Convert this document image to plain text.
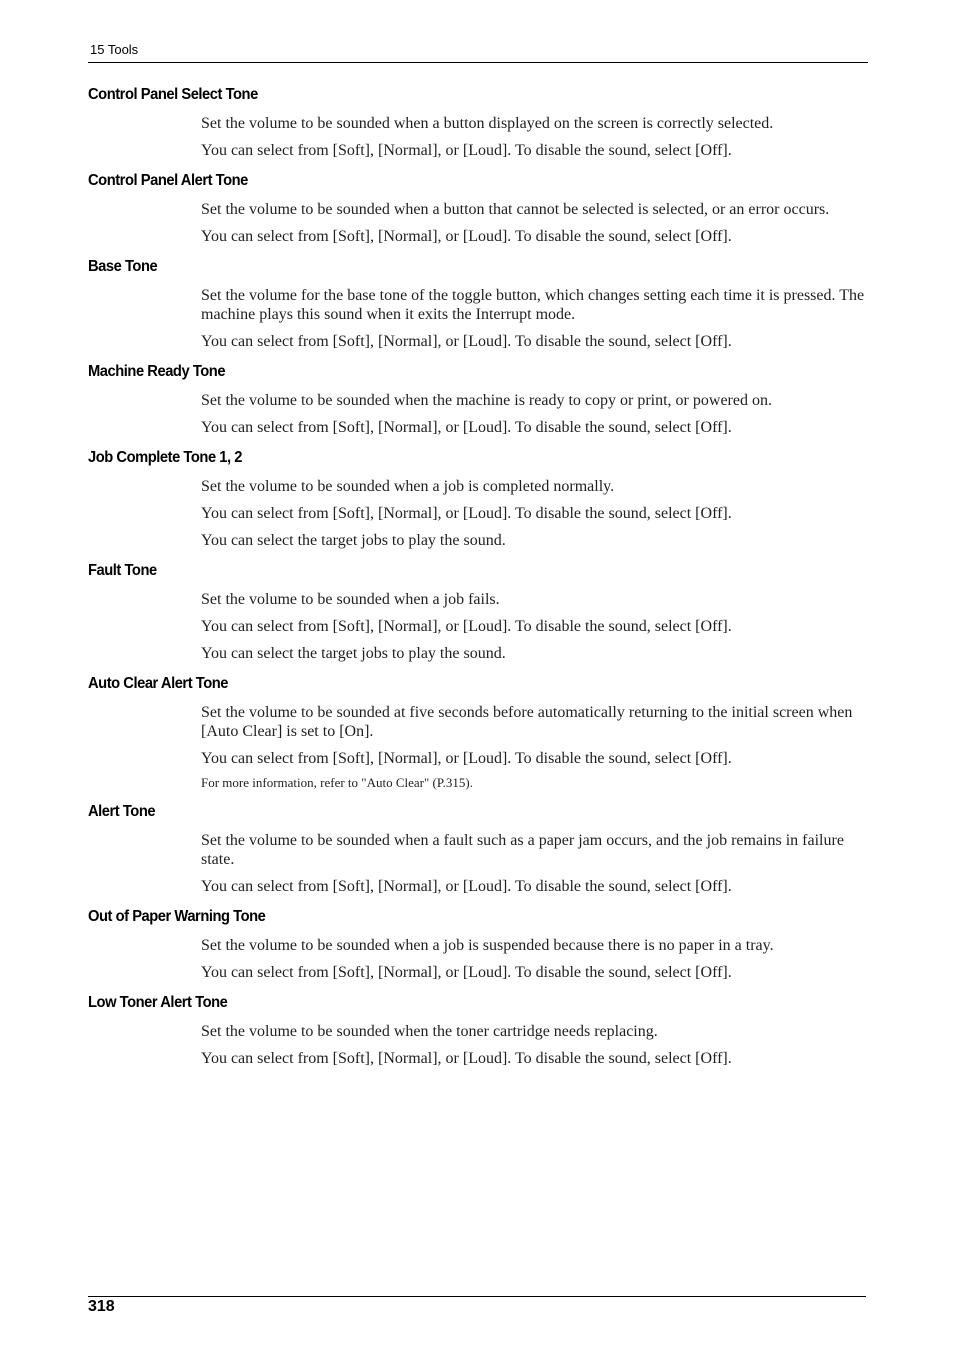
15 Tools
Control Panel Select Tone

Set the volume to be sounded when a button displayed on the screen is correctly selected.

You can select from [Soft], [Normal], or [Loud]. To disable the sound, select [Off].

Control Panel Alert Tone

Set the volume to be sounded when a button that cannot be selected is selected, or an error occurs.

You can select from [Soft], [Normal], or [Loud]. To disable the sound, select [Off].

Base Tone

Set the volume for the base tone of the toggle button, which changes setting each time it is pressed. The machine plays this sound when it exits the Interrupt mode.

You can select from [Soft], [Normal], or [Loud]. To disable the sound, select [Off].

Machine Ready Tone

Set the volume to be sounded when the machine is ready to copy or print, or powered on.

You can select from [Soft], [Normal], or [Loud]. To disable the sound, select [Off].

Job Complete Tone 1, 2

Set the volume to be sounded when a job is completed normally.

You can select from [Soft], [Normal], or [Loud]. To disable the sound, select [Off].

You can select the target jobs to play the sound.

Fault Tone

Set the volume to be sounded when a job fails.

You can select from [Soft], [Normal], or [Loud]. To disable the sound, select [Off].

You can select the target jobs to play the sound.

Auto Clear Alert Tone

Set the volume to be sounded at five seconds before automatically returning to the initial screen when [Auto Clear] is set to [On].

You can select from [Soft], [Normal], or [Loud]. To disable the sound, select [Off].

For more information, refer to "Auto Clear" (P.315).

Alert Tone

Set the volume to be sounded when a fault such as a paper jam occurs, and the job remains in failure state.

You can select from [Soft], [Normal], or [Loud]. To disable the sound, select [Off].

Out of Paper Warning Tone

Set the volume to be sounded when a job is suspended because there is no paper in a tray.

You can select from [Soft], [Normal], or [Loud]. To disable the sound, select [Off].

Low Toner Alert Tone

Set the volume to be sounded when the toner cartridge needs replacing.

You can select from [Soft], [Normal], or [Loud]. To disable the sound, select [Off].

318
